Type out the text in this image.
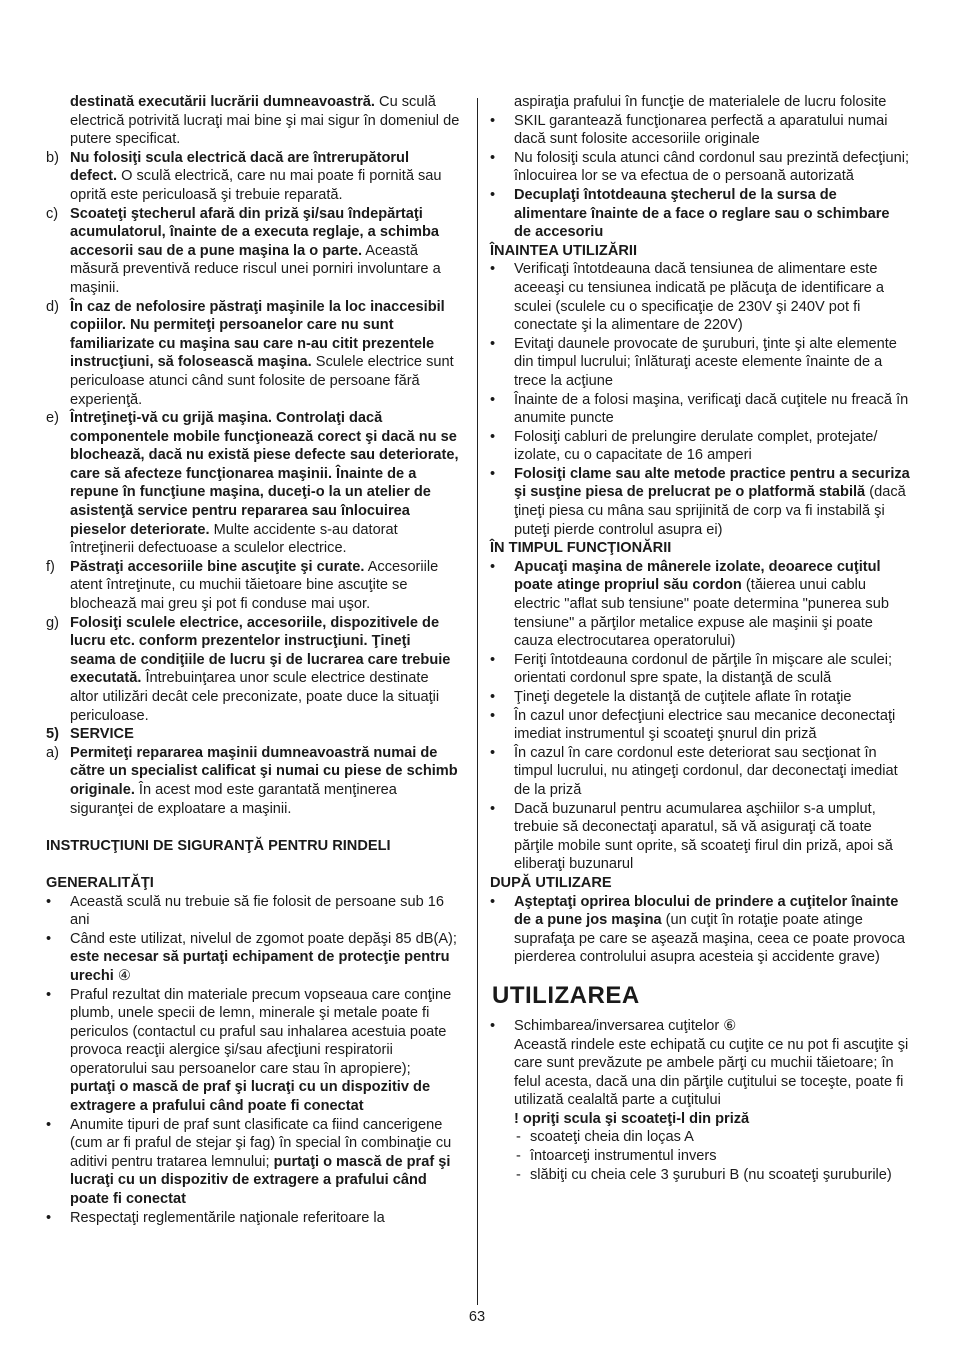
destinată executării lucrării dumneavoastră. Cu sculă electrică potrivită lucraţi mai bine şi mai sigur în domeniul de putere specificat.

b) Nu folosiţi scula electrică dacă are întrerupătorul defect. O sculă electrică, care nu mai poate fi pornită sau oprită este periculoasă şi trebuie reparată.
c) Scoateţi ştecherul afară din priză şi/sau îndepărtaţi acumulatorul, înainte de a executa reglaje, a schimba accesorii sau de a pune maşina la o parte. Această măsură preventivă reduce riscul unei porniri involuntare a maşinii.
d) În caz de nefolosire păstraţi maşinile la loc inaccesibil copiilor. Nu permiteţi persoanelor care nu sunt familiarizate cu maşina sau care n-au citit prezentele instrucţiuni, să folosească maşina. Sculele electrice sunt periculoase atunci când sunt folosite de persoane fără experienţă.
e) Întreţineţi-vă cu grijă maşina. Controlaţi dacă componentele mobile funcţionează corect şi dacă nu se blochează, dacă nu există piese defecte sau deteriorate, care să afecteze funcţionarea maşinii. Înainte de a repune în funcţiune maşina, duceţi-o la un atelier de asistenţă service pentru repararea sau înlocuirea pieselor deteriorate. Multe accidente s-au datorat întreţinerii defectuoase a sculelor electrice.
f)	Păstraţi accesoriile bine ascuţite şi curate. Accesoriile atent întreţinute, cu muchii tăietoare bine ascuţite se blochează mai greu şi pot fi conduse mai uşor.
g) Folosiţi sculele electrice, accesoriile, dispozitivele de lucru etc. conform prezentelor instrucţiuni. Ţineţi seama de condiţiile de lucru şi de lucrarea care trebuie executată. Întrebuinţarea unor scule electrice destinate altor utilizări decât cele preconizate, poate duce la situaţii periculoase.
5) SERVICE
a) Permiteţi repararea maşinii dumneavoastră numai de către un specialist calificat şi numai cu piese de schimb originale. În acest mod este garantată menţinerea siguranţei de exploatare a maşinii.

INSTRUCŢIUNI DE SIGURANŢĂ PENTRU RINDELI

GENERALITĂŢI

•	Această sculă nu trebuie să fie folosit de persoane sub 16 ani
•	Când este utilizat, nivelul de zgomot poate depăşi 85 dB(A); este necesar să purtaţi echipament de protecţie pentru urechi ④
•	Praful rezultat din materiale precum vopseaua care conţine plumb, unele specii de lemn, minerale şi metale poate fi periculos (contactul cu praful sau inhalarea acestuia poate provoca reacţii alergice şi/sau afecţiuni respiratorii operatorului sau persoanelor care stau în apropiere); purtaţi o mască de praf şi lucraţi cu un dispozitiv de extragere a prafului când poate fi conectat
•	Anumite tipuri de praf sunt clasificate ca fiind cancerigene (cum ar fi praful de stejar şi fag) în special în combinaţie cu aditivi pentru tratarea lemnului; purtaţi o mască de praf şi lucraţi cu un dispozitiv de extragere a prafului când poate fi conectat
•	Respectaţi reglementările naţionale referitoare la

aspiraţia prafului în funcţie de materialele de lucru folosite

•	SKIL garantează funcţionarea perfectă a aparatului numai dacă sunt folosite accesoriile originale
•	Nu folosiţi scula atunci când cordonul sau prezintă defecţiuni; înlocuirea lor se va efectua de o persoană autorizată
•	Decuplaţi întotdeauna ştecherul de la sursa de alimentare înainte de a face o reglare sau o schimbare de accesoriu

ÎNAINTEA UTILIZĂRII

•	Verificaţi întotdeauna dacă tensiunea de alimentare este aceeaşi cu tensiunea indicată pe plăcuţa de identificare a sculei (sculele cu o specificaţie de 230V şi 240V pot fi conectate şi la alimentare de 220V)
•	Evitaţi daunele provocate de şuruburi, ţinte şi alte elemente din timpul lucrului; înlăturaţi aceste elemente înainte de a trece la acţiune
•	Înainte de a folosi maşina, verificaţi dacă cuţitele nu freacă în anumite puncte
•	Folosiţi cabluri de prelungire derulate complet, protejate/ izolate, cu o capacitate de 16 amperi
•	Folosiţi clame sau alte metode practice pentru a securiza şi susţine piesa de prelucrat pe o platformă stabilă (dacă ţineţi piesa cu mâna sau sprijinită de corp va fi instabilă şi puteţi pierde controlul asupra ei)

ÎN TIMPUL FUNCŢIONĂRII

•	Apucaţi maşina de mânerele izolate, deoarece cuţitul poate atinge propriul său cordon (tăierea unui cablu electric "aflat sub tensiune" poate determina "punerea sub tensiune" a părţilor metalice expuse ale maşinii şi poate cauza electrocutarea operatorului)
•	Feriţi întotdeauna cordonul de părţile în mişcare ale sculei; orientati cordonul spre spate, la distanţă de sculă
•	Ţineţi degetele la distanţă de cuţitele aflate în rotaţie
•	În cazul unor defecţiuni electrice sau mecanice deconectaţi imediat instrumentul şi scoateţi şnurul din priză
•	În cazul în care cordonul este deteriorat sau secţionat în timpul lucrului, nu atingeţi cordonul, dar deconectaţi imediat de la priză
•	Dacă buzunarul pentru acumularea aşchiilor s-a umplut, trebuie să deconectaţi aparatul, să vă asiguraţi că toate părţile mobile sunt oprite, să scoateţi firul din priză, apoi să eliberaţi buzunarul

DUPĂ UTILIZARE

•	Aşteptaţi oprirea blocului de prindere a cuţitelor înainte de a pune jos maşina (un cuţit în rotaţie poate atinge suprafaţa pe care se aşează maşina, ceea ce poate provoca pierderea controlului asupra acesteia şi accidente grave)
UTILIZAREA
•	Schimbarea/inversarea cuţitelor ⑥

Această rindele este echipată cu cuţite ce nu pot fi ascuţite şi care sunt prevăzute pe ambele părţi cu muchii tăietoare; în felul acesta, dacă una din părţile cuţitului se toceşte, poate fi utilizată cealaltă parte a cuţitului

! opriţi scula şi scoateţi-l din priză

- scoateţi cheia din loças A
- întoarceţi instrumentul invers
- slăbiţi cu cheia cele 3 şuruburi B (nu scoateţi şuruburile)
63
